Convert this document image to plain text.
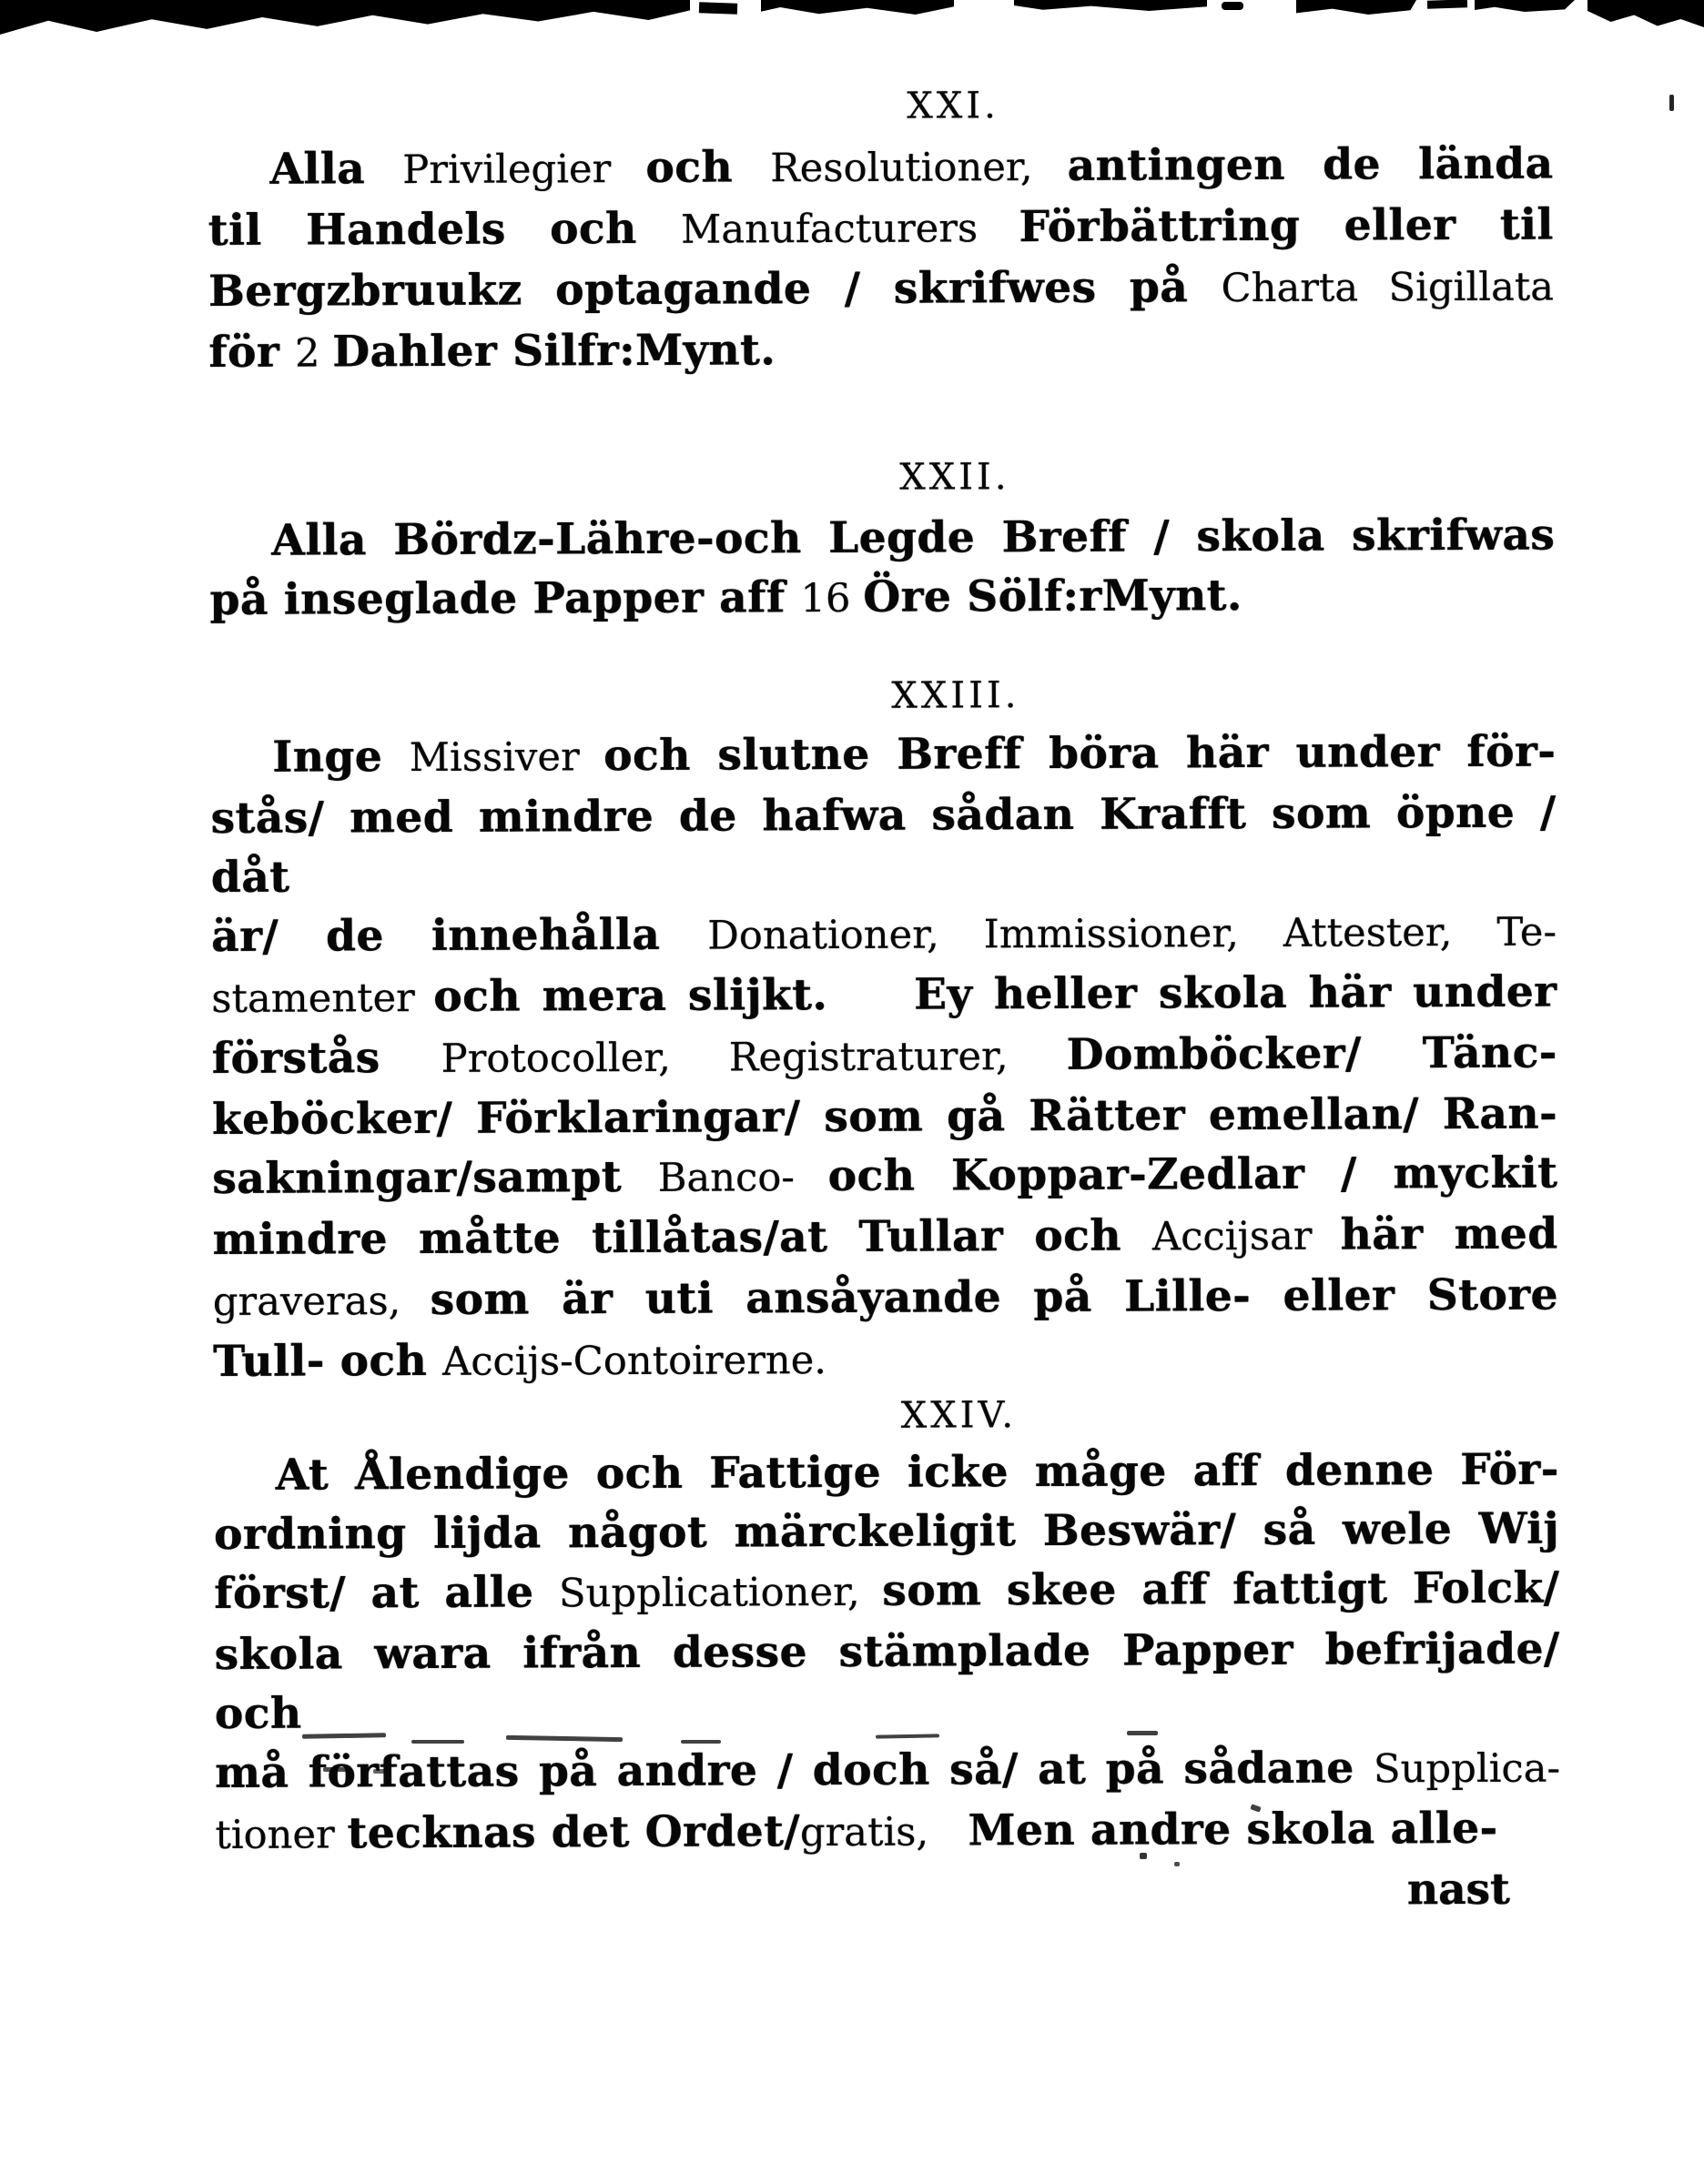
XXI.
Alla Privilegier och Resolutioner, antingen de lända
til Handels och Manufacturers Förbättring eller til
Bergzbruukz optagande / skrifwes på Charta Sigillata
för 2 Dahler Silfr:Mynt.
XXII.
Alla Bördz-Lähre-och Legde Breff / skola skrifwas
på inseglade Papper aff 16 Öre Sölf:rMynt.
XXIII.
Inge Missiver och slutne Breff böra här under för-
stås/ med mindre de hafwa sådan Krafft som öpne / dåt
är/ de innehålla Donationer, Immissioner, Attester, Te-
stamenter och mera slijkt.  Ey heller skola här under
förstås Protocoller, Registraturer, Domböcker/ Tänc-
keböcker/ Förklaringar/ som gå Rätter emellan/ Ran-
sakningar/sampt Banco- och Koppar-Zedlar / myckit
mindre måtte tillåtas/at Tullar och Accijsar här med
graveras, som är uti ansåyande på Lille- eller Store
Tull- och Accijs-Contoirerne.
XXIV.
At Ålendige och Fattige icke måge aff denne För-
ordning lijda något märckeligit Beswär/ så wele Wij
först/ at alle Supplicationer, som skee aff fattigt Folck/
skola wara ifrån desse stämplade Papper befrijade/ och
må författas på andre / doch så/ at på sådane Supplica-
tioner tecknas det Ordet/gratis, Men andre skola alle-
nast
